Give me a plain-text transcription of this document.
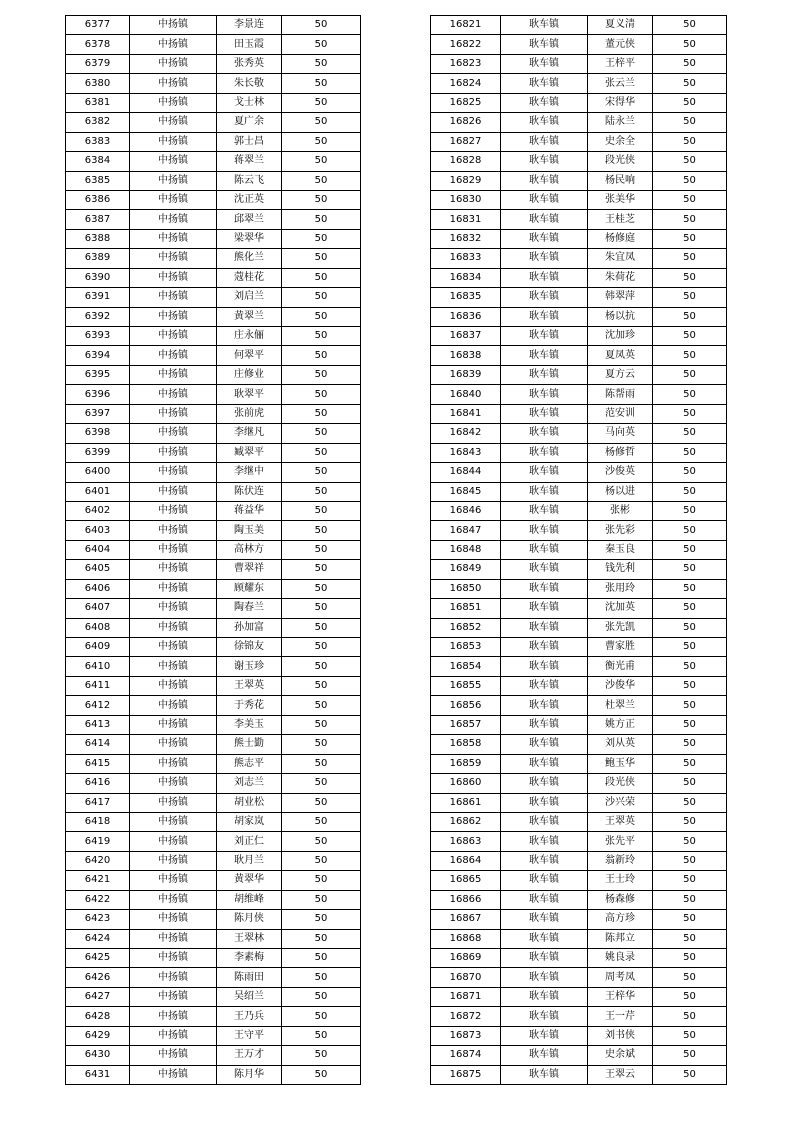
6377	中扬镇	李景连	50
6378	中扬镇	田玉霞	50
6379	中扬镇	张秀英	50
6380	中扬镇	朱长敬	50
6381	中扬镇	戈士林	50
6382	中扬镇	夏广余	50
6383	中扬镇	郭士昌	50
6384	中扬镇	蒋翠兰	50
6385	中扬镇	陈云飞	50
6386	中扬镇	沈正英	50
6387	中扬镇	邱翠兰	50
6388	中扬镇	梁翠华	50
6389	中扬镇	熊化兰	50
6390	中扬镇	蔻桂花	50
6391	中扬镇	刘启兰	50
6392	中扬镇	黄翠兰	50
6393	中扬镇	庄永俪	50
6394	中扬镇	何翠平	50
6395	中扬镇	庄修业	50
6396	中扬镇	耿翠平	50
6397	中扬镇	张前虎	50
6398	中扬镇	李继凡	50
6399	中扬镇	臧翠平	50
6400	中扬镇	李继中	50
6401	中扬镇	陈伏连	50
6402	中扬镇	蒋益华	50
6403	中扬镇	陶玉美	50
6404	中扬镇	高林方	50
6405	中扬镇	曹翠祥	50
6406	中扬镇	顾耀东	50
6407	中扬镇	陶春兰	50
6408	中扬镇	孙加富	50
6409	中扬镇	徐锦友	50
6410	中扬镇	谢玉珍	50
6411	中扬镇	王翠英	50
6412	中扬镇	于秀花	50
6413	中扬镇	李美玉	50
6414	中扬镇	熊士勤	50
6415	中扬镇	熊志平	50
6416	中扬镇	刘志兰	50
6417	中扬镇	胡业松	50
6418	中扬镇	胡家岚	50
6419	中扬镇	刘正仁	50
6420	中扬镇	耿月兰	50
6421	中扬镇	黄翠华	50
6422	中扬镇	胡维峰	50
6423	中扬镇	陈月侠	50
6424	中扬镇	王翠林	50
6425	中扬镇	李素梅	50
6426	中扬镇	陈雨田	50
6427	中扬镇	吴绍兰	50
6428	中扬镇	王乃兵	50
6429	中扬镇	王守平	50
6430	中扬镇	王万才	50
6431	中扬镇	陈月华	50
16821	耿车镇	夏义清	50
16822	耿车镇	董元侠	50
16823	耿车镇	王梓平	50
16824	耿车镇	张云兰	50
16825	耿车镇	宋得华	50
16826	耿车镇	陆永兰	50
16827	耿车镇	史余全	50
16828	耿车镇	段光侠	50
16829	耿车镇	杨民响	50
16830	耿车镇	张美华	50
16831	耿车镇	王桂芝	50
16832	耿车镇	杨修庭	50
16833	耿车镇	朱宜凤	50
16834	耿车镇	朱荷花	50
16835	耿车镇	韩翠萍	50
16836	耿车镇	杨以抗	50
16837	耿车镇	沈加珍	50
16838	耿车镇	夏凤英	50
16839	耿车镇	夏方云	50
16840	耿车镇	陈帮雨	50
16841	耿车镇	范安训	50
16842	耿车镇	马向英	50
16843	耿车镇	杨修哲	50
16844	耿车镇	沙俊英	50
16845	耿车镇	杨以进	50
16846	耿车镇	张彬	50
16847	耿车镇	张先彩	50
16848	耿车镇	秦玉良	50
16849	耿车镇	钱先利	50
16850	耿车镇	张用玲	50
16851	耿车镇	沈加英	50
16852	耿车镇	张先凯	50
16853	耿车镇	曹家胜	50
16854	耿车镇	衡光甫	50
16855	耿车镇	沙俊华	50
16856	耿车镇	杜翠兰	50
16857	耿车镇	姚方正	50
16858	耿车镇	刘从英	50
16859	耿车镇	鲍玉华	50
16860	耿车镇	段光侠	50
16861	耿车镇	沙兴荣	50
16862	耿车镇	王翠英	50
16863	耿车镇	张先平	50
16864	耿车镇	翁新玲	50
16865	耿车镇	王士玲	50
16866	耿车镇	杨森修	50
16867	耿车镇	高方珍	50
16868	耿车镇	陈邦立	50
16869	耿车镇	姚良录	50
16870	耿车镇	周考凤	50
16871	耿车镇	王梓华	50
16872	耿车镇	王一芹	50
16873	耿车镇	刘书侠	50
16874	耿车镇	史余斌	50
16875	耿车镇	王翠云	50
